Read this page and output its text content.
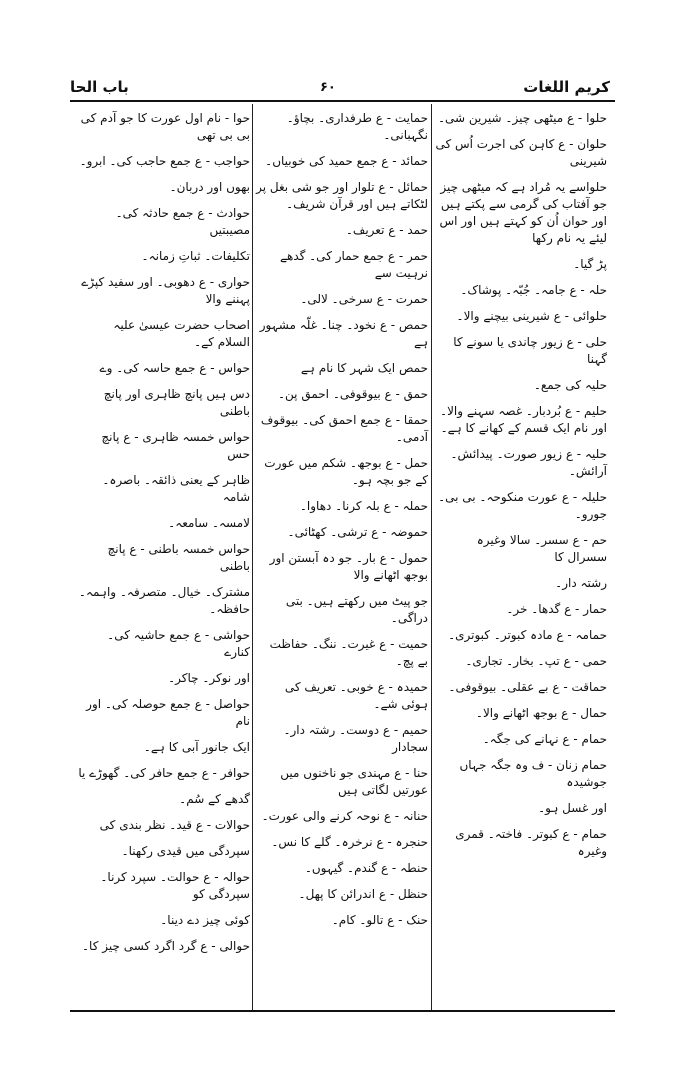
کریم اللغات
۶۰
باب الحا

حلوا - ع میٹھی چیز۔ شیرین شی۔

حلوان - ع کاہن کی اجرت اُس کی شیرینی

حلواسے یہ مُراد ہے کہ میٹھی چیز جو آفتاب کی گرمی سے پکتے ہیں اور حوان اُن کو کہتے ہیں اور اس لیئے یہ نام رکھا

پڑ گیا۔

حلہ - ع جامہ۔ جُبّہ۔ پوشاک۔

حلوائی - ع شیرینی بیچنے والا۔

حلی - ع زیور چاندی یا سونے کا گہنا

حلیہ کی جمع۔

حلیم - ع بُردبار۔ غصہ سہنے والا۔ اور نام ایک قسم کے کھانے کا ہے۔

حلیہ - ع زیور صورت۔ پیدائش۔ آرائش۔

حلیلہ - ع عورت منکوحہ۔ بی بی۔ جورو۔

حم - ع سسر۔ سالا وغیرہ سسرال کا

رشتہ دار۔

حمار - ع گدھا۔ خر۔

حمامہ - ع مادہ کبوتر۔ کبوتری۔

حمی - ع تپ۔ بخار۔ تجاری۔

حماقت - ع بے عقلی۔ بیوقوفی۔

حمال - ع بوجھ اٹھانے والا۔

حمام - ع نہانے کی جگہ۔

حمام زنان - ف وہ جگہ جہاں جوشیدہ

اور غسل ہو۔

حمام - ع کبوتر۔ فاختہ۔ قمری وغیرہ

حمایت - ع طرفداری۔ بچاؤ۔ نگہبانی۔

حمائد - ع جمع حمید کی خوبیاں۔

حمائل - ع تلوار اور جو شی بغل پر لٹکاتے ہیں اور قرآن شریف۔

حمد - ع تعریف۔

حمر - ع جمع حمار کی۔ گدھے نرہیت سے

حمرت - ع سرخی۔ لالی۔

حمص - ع نخود۔ چنا۔ غلّہ مشہور ہے

حمص ایک شہر کا نام ہے

حمق - ع بیوقوفی۔ احمق پن۔

حمقا - ع جمع احمق کی۔ بیوقوف آدمی۔

حمل - ع بوجھ۔ شکم میں عورت کے جو بچہ ہو۔

حملہ - ع بلہ کرنا۔ دھاوا۔

حموضہ - ع ترشی۔ کھٹائی۔

حمول - ع بار۔ جو دہ آبستن اور بوجھ اٹھانے والا

جو پیٹ میں رکھتے ہیں۔ بتی دراگی۔

حمیت - ع غیرت۔ ننگ۔ حفاظت بے پچ۔

حمیدہ - ع خوبی۔ تعریف کی ہوئی شے۔

حمیم - ع دوست۔ رشتہ دار۔ سجادار

حنا - ع مہندی جو ناخنوں میں عورتیں لگاتی ہیں

حنانہ - ع نوحہ کرنے والی عورت۔

حنجرہ - ع نرخرہ۔ گلے کا نس۔

حنطہ - ع گندم۔ گیہوں۔

حنظل - ع اندرائن کا پھل۔

حنک - ع تالو۔ کام۔

حوا - نام اول عورت کا جو آدم کی بی بی تھی

حواجب - ع جمع حاجب کی۔ ابرو۔

بھوں اور دربان۔

حوادث - ع جمع حادثہ کی۔ مصیبتیں

تکلیفات۔ ثباتِ زمانہ۔

حواری - ع دھوبی۔ اور سفید کپڑے پہننے والا

اصحاب حضرت عیسیٰ علیہ السلام کے۔

حواس - ع جمع حاسہ کی۔ وے

دس ہیں پانچ ظاہری اور پانچ باطنی

حواس خمسہ ظاہری - ع پانچ حس

ظاہر کے یعنی ذائقہ۔ باصرہ۔ شامہ

لامسہ۔ سامعہ۔

حواس خمسہ باطنی - ع پانچ باطنی

مشترک۔ خیال۔ متصرفہ۔ واہمہ۔ حافظہ۔

حواشی - ع جمع حاشیہ کی۔ کنارے

اور نوکر۔ چاکر۔

حواصل - ع جمع حوصلہ کی۔ اور نام

ایک جانور آبی کا ہے۔

حوافر - ع جمع حافر کی۔ گھوڑے یا

گدھے کے سُم۔

حوالات - ع قید۔ نظر بندی کی

سپردگی میں قیدی رکھنا۔

حوالہ - ع حوالت۔ سپرد کرنا۔ سپردگی کو

کوئی چیز دے دینا۔

حوالی - ع گرد اگرد کسی چیز کا۔
